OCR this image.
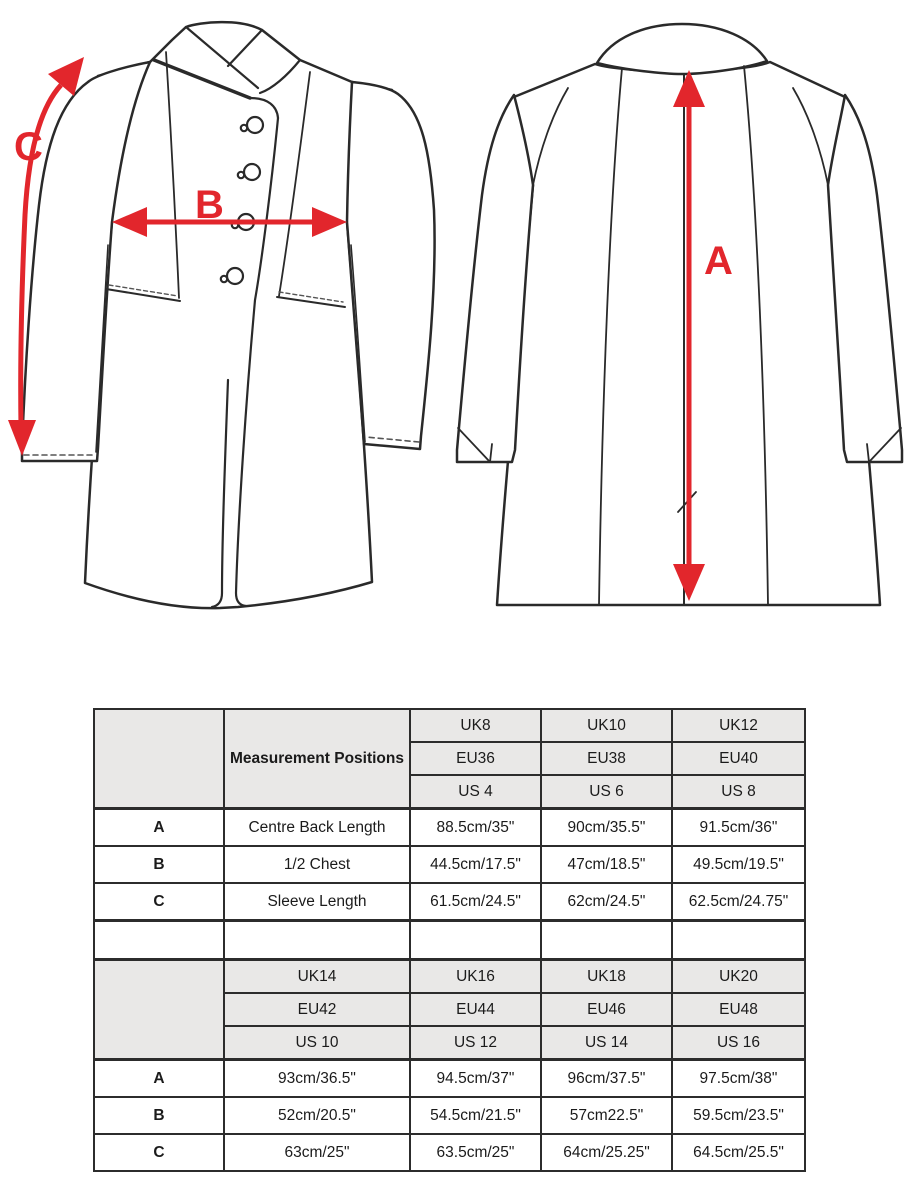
B
C
A
	Measurement Positions	UK8	UK10	UK12
		EU36	EU38	EU40
		US 4	US 6	US 8
A	Centre Back Length	88.5cm/35"	90cm/35.5"	91.5cm/36"
B	1/2 Chest	44.5cm/17.5"	47cm/18.5"	49.5cm/19.5"
C	Sleeve Length	61.5cm/24.5"	62cm/24.5"	62.5cm/24.75"

	UK14	UK16	UK18	UK20
	EU42	EU44	EU46	EU48
	US 10	US 12	US 14	US 16
A	93cm/36.5"	94.5cm/37"	96cm/37.5"	97.5cm/38"
B	52cm/20.5"	54.5cm/21.5"	57cm22.5"	59.5cm/23.5"
C	63cm/25"	63.5cm/25"	64cm/25.25"	64.5cm/25.5"
